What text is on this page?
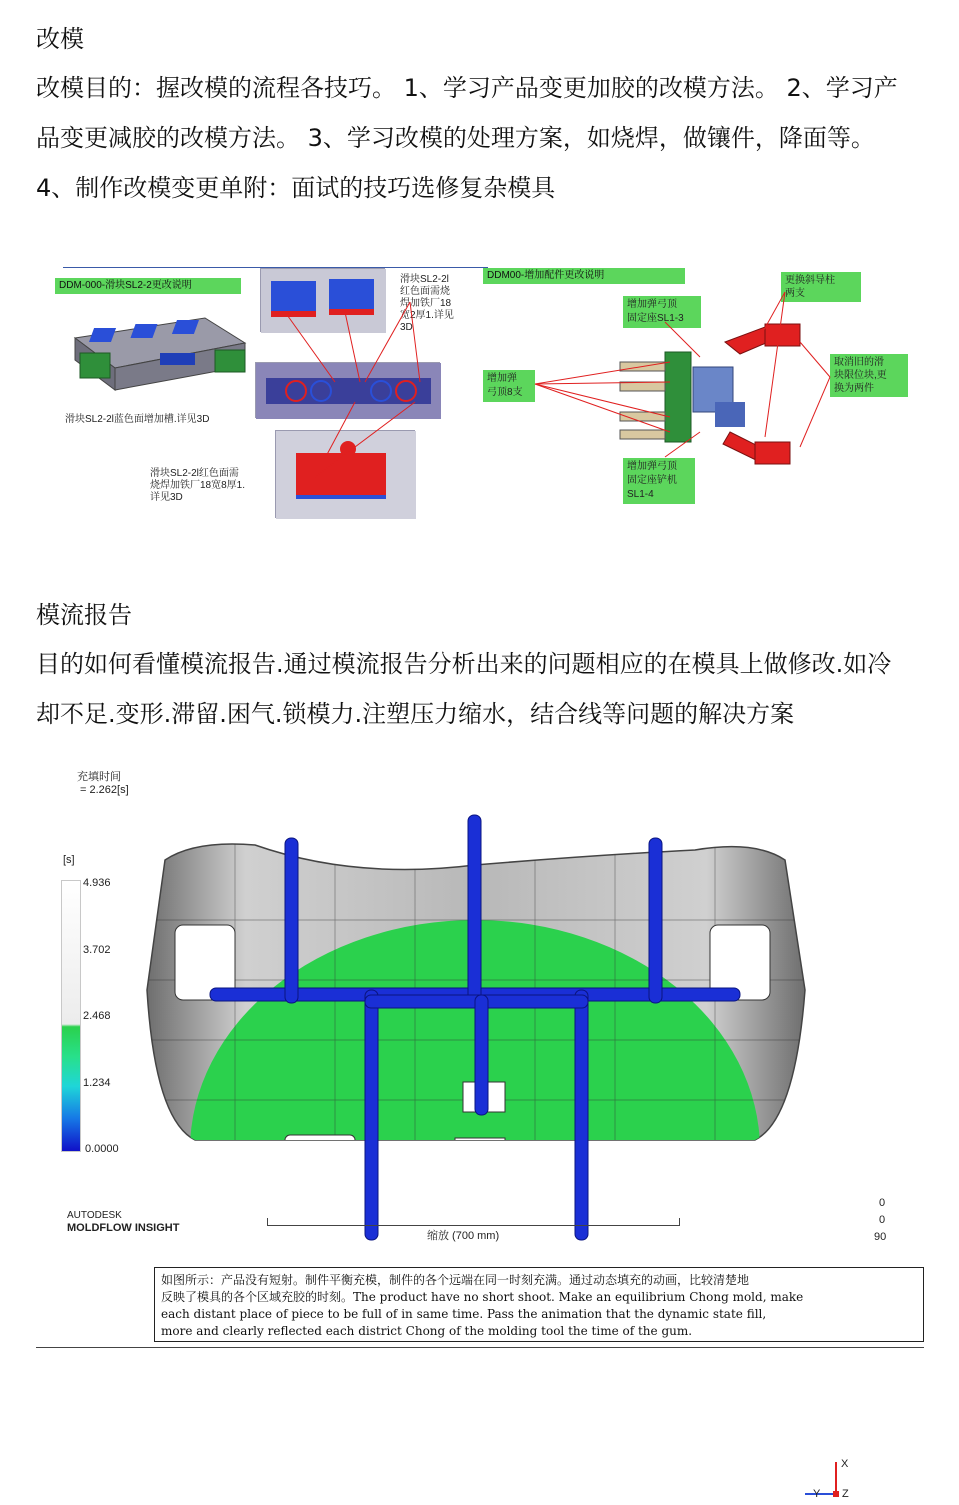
改模
改模目的：握改模的流程各技巧。 1、学习产品变更加胶的改模方法。 2、学习产
品变更减胶的改模方法。 3、学习改模的处理方案，如烧焊，做镶件，降面等。
4、制作改模变更单附：面试的技巧选修复杂模具
DDM-000-滑块SL2-2更改说明
DDM00-增加配件更改说明
滑块SL2-2l蓝色面增加槽.详见3D
滑块SL2-2l
红色面需烧
焊加铁厂18
宽2厚1.详见
3D
滑块SL2-2l红色面需
烧焊加铁厂18宽8厚1.
详见3D
更换斜导柱
两支
增加弹弓顶
固定座SL1-3
增加弹
弓顶8支
取消旧的滑
块限位块,更
换为两件
增加弹弓顶
固定座铲机
SL1-4
模流报告
目的如何看懂模流报告.通过模流报告分析出来的问题相应的在模具上做修改.如冷
却不足.变形.滞留.困气.锁模力.注塑压力缩水，结合线等问题的解决方案
充填时间
= 2.262[s]
[s]
4.936
3.702
2.468
1.234
0.0000
X
Y Z
0
0
90
AUTODESK
MOLDFLOW INSIGHT
缩放 (700 mm)
如图所示：产品没有短射。制件平衡充模，制件的各个远端在同一时刻充满。通过动态填充的动画，比较清楚地
反映了模具的各个区域充胶的时刻。The product have no short shoot. Make an equilibrium Chong mold, make
each distant place of piece to be full of in same time. Pass the animation that the dynamic state fill,
more and clearly reflected each district Chong of the molding tool the time of the gum.
